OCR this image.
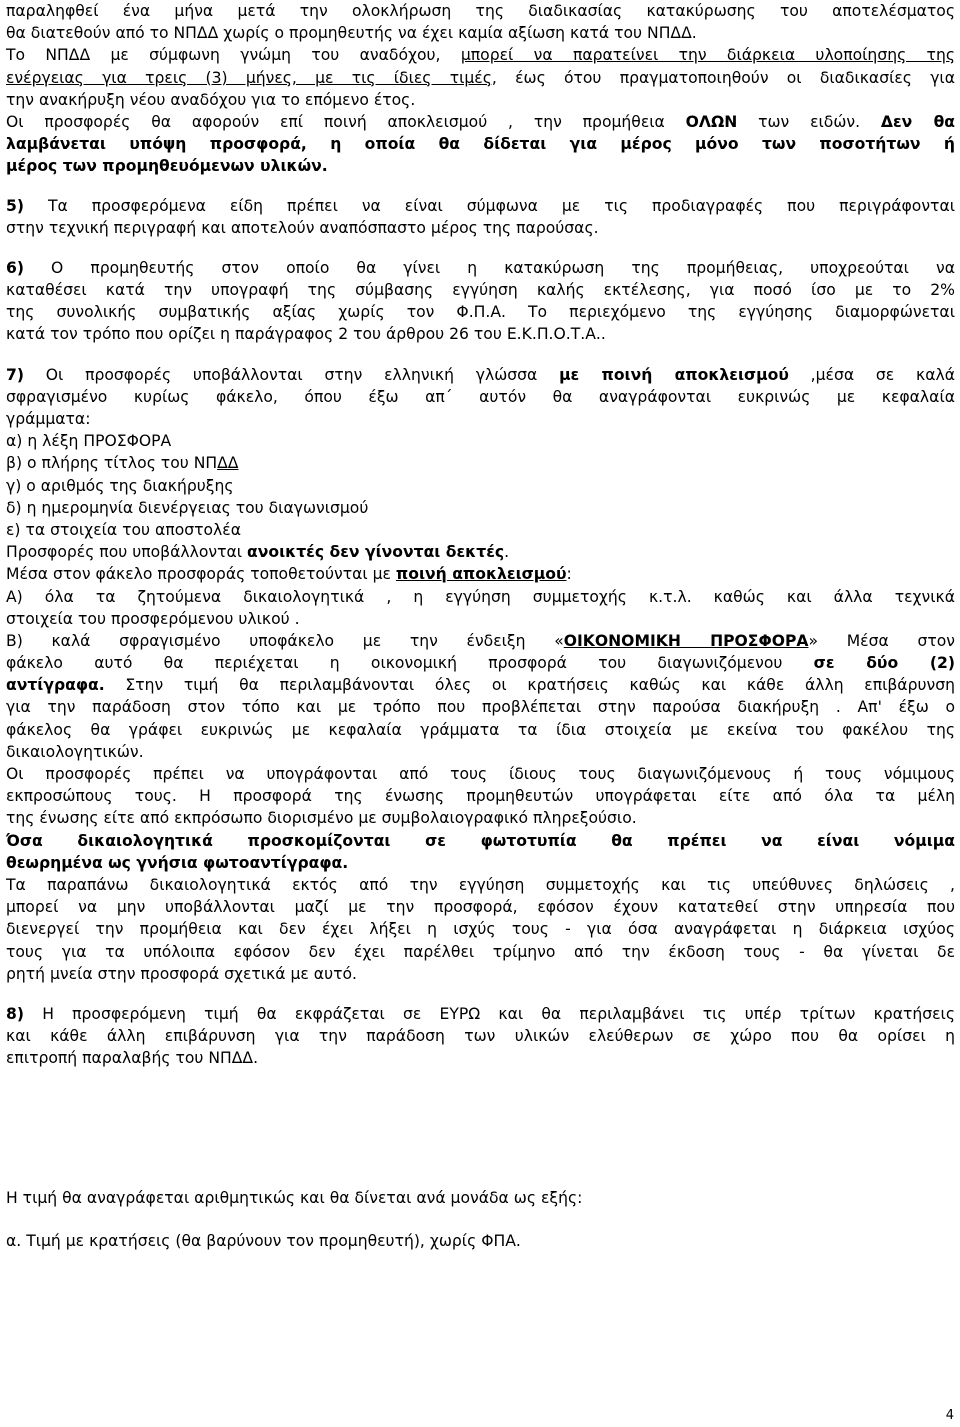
παραληφθεί ένα μήνα μετά την ολοκλήρωση της διαδικασίας κατακύρωσης του αποτελέσματος
θα διατεθούν από το ΝΠΔΔ χωρίς ο προμηθευτής να έχει καμία αξίωση κατά του ΝΠΔΔ.
Το ΝΠΔΔ με σύμφωνη γνώμη του αναδόχου, μπορεί να παρατείνει την διάρκεια υλοποίησης της
ενέργειας για τρεις (3) μήνες, με τις ίδιες τιμές, έως ότου πραγματοποιηθούν οι διαδικασίες για
την ανακήρυξη νέου αναδόχου για το επόμενο έτος.
Οι προσφορές θα αφορούν επί ποινή αποκλεισμού , την προμήθεια ΟΛΩΝ των ειδών. Δεν θα
λαμβάνεται υπόψη προσφορά, η οποία θα δίδεται για μέρος μόνο των ποσοτήτων ή
μέρος των προμηθευόμενων υλικών.
5) Τα προσφερόμενα είδη πρέπει να είναι σύμφωνα με τις προδιαγραφές που περιγράφονται
στην τεχνική περιγραφή και αποτελούν αναπόσπαστο μέρος της παρούσας.
6) Ο προμηθευτής στον οποίο θα γίνει η κατακύρωση της προμήθειας, υποχρεούται να
καταθέσει κατά την υπογραφή της σύμβασης εγγύηση καλής εκτέλεσης, για ποσό ίσο με το 2%
της συνολικής συμβατικής αξίας χωρίς τον Φ.Π.Α. Το περιεχόμενο της εγγύησης διαμορφώνεται
κατά τον τρόπο που ορίζει η παράγραφος 2 του άρθρου 26 του Ε.Κ.Π.Ο.Τ.Α..
7) Οι προσφορές υποβάλλονται στην ελληνική γλώσσα με ποινή αποκλεισμού ,μέσα σε καλά
σφραγισμένο κυρίως φάκελο, όπου έξω απ΄ αυτόν θα αναγράφονται ευκρινώς με κεφαλαία
γράμματα:
α) η λέξη ΠΡΟΣΦΟΡΑ
β) ο πλήρης τίτλος του ΝΠΔΔ
γ) ο αριθμός της διακήρυξης
δ) η ημερομηνία διενέργειας του διαγωνισμού
ε) τα στοιχεία του αποστολέα
Προσφορές που υποβάλλονται ανοικτές δεν γίνονται δεκτές.
Μέσα στον φάκελο προσφοράς τοποθετούνται με ποινή αποκλεισμού:
Α) όλα τα ζητούμενα δικαιολογητικά , η εγγύηση συμμετοχής κ.τ.λ. καθώς και άλλα τεχνικά
στοιχεία του προσφερόμενου υλικού .
Β) καλά σφραγισμένο υποφάκελο με την ένδειξη «ΟΙΚΟΝΟΜΙΚΗ ΠΡΟΣΦΟΡΑ» Μέσα στον
φάκελο αυτό θα περιέχεται η οικονομική προσφορά του διαγωνιζόμενου σε δύο (2)
αντίγραφα. Στην τιμή θα περιλαμβάνονται όλες οι κρατήσεις καθώς και κάθε άλλη επιβάρυνση
για την παράδοση στον τόπο και με τρόπο που προβλέπεται στην παρούσα διακήρυξη . Απ' έξω ο
φάκελος θα γράφει ευκρινώς με κεφαλαία γράμματα τα ίδια στοιχεία με εκείνα του φακέλου της
δικαιολογητικών.
Οι προσφορές πρέπει να υπογράφονται από τους ίδιους τους διαγωνιζόμενους ή τους νόμιμους
εκπροσώπους τους. Η προσφορά της ένωσης προμηθευτών υπογράφεται είτε από όλα τα μέλη
της ένωσης είτε από εκπρόσωπο διορισμένο με συμβολαιογραφικό πληρεξούσιο.
Όσα δικαιολογητικά προσκομίζονται σε φωτοτυπία θα πρέπει να είναι νόμιμα
θεωρημένα ως γνήσια φωτοαντίγραφα.
Τα παραπάνω δικαιολογητικά εκτός από την εγγύηση συμμετοχής και τις υπεύθυνες δηλώσεις ,
μπορεί να μην υποβάλλονται μαζί με την προσφορά, εφόσον έχουν κατατεθεί στην υπηρεσία που
διενεργεί την προμήθεια και δεν έχει λήξει η ισχύς τους - για όσα αναγράφεται η διάρκεια ισχύος
τους για τα υπόλοιπα εφόσον δεν έχει παρέλθει τρίμηνο από την έκδοση τους - θα γίνεται δε
ρητή μνεία στην προσφορά σχετικά με αυτό.
8) Η προσφερόμενη τιμή θα εκφράζεται σε ΕΥΡΩ και θα περιλαμβάνει τις υπέρ τρίτων κρατήσεις
και κάθε άλλη επιβάρυνση για την παράδοση των υλικών ελεύθερων σε χώρο που θα ορίσει η
επιτροπή παραλαβής του ΝΠΔΔ.
Η τιμή θα αναγράφεται αριθμητικώς και θα δίνεται ανά μονάδα ως εξής:
α. Τιμή με κρατήσεις (θα βαρύνουν τον προμηθευτή), χωρίς ΦΠΑ.
4
